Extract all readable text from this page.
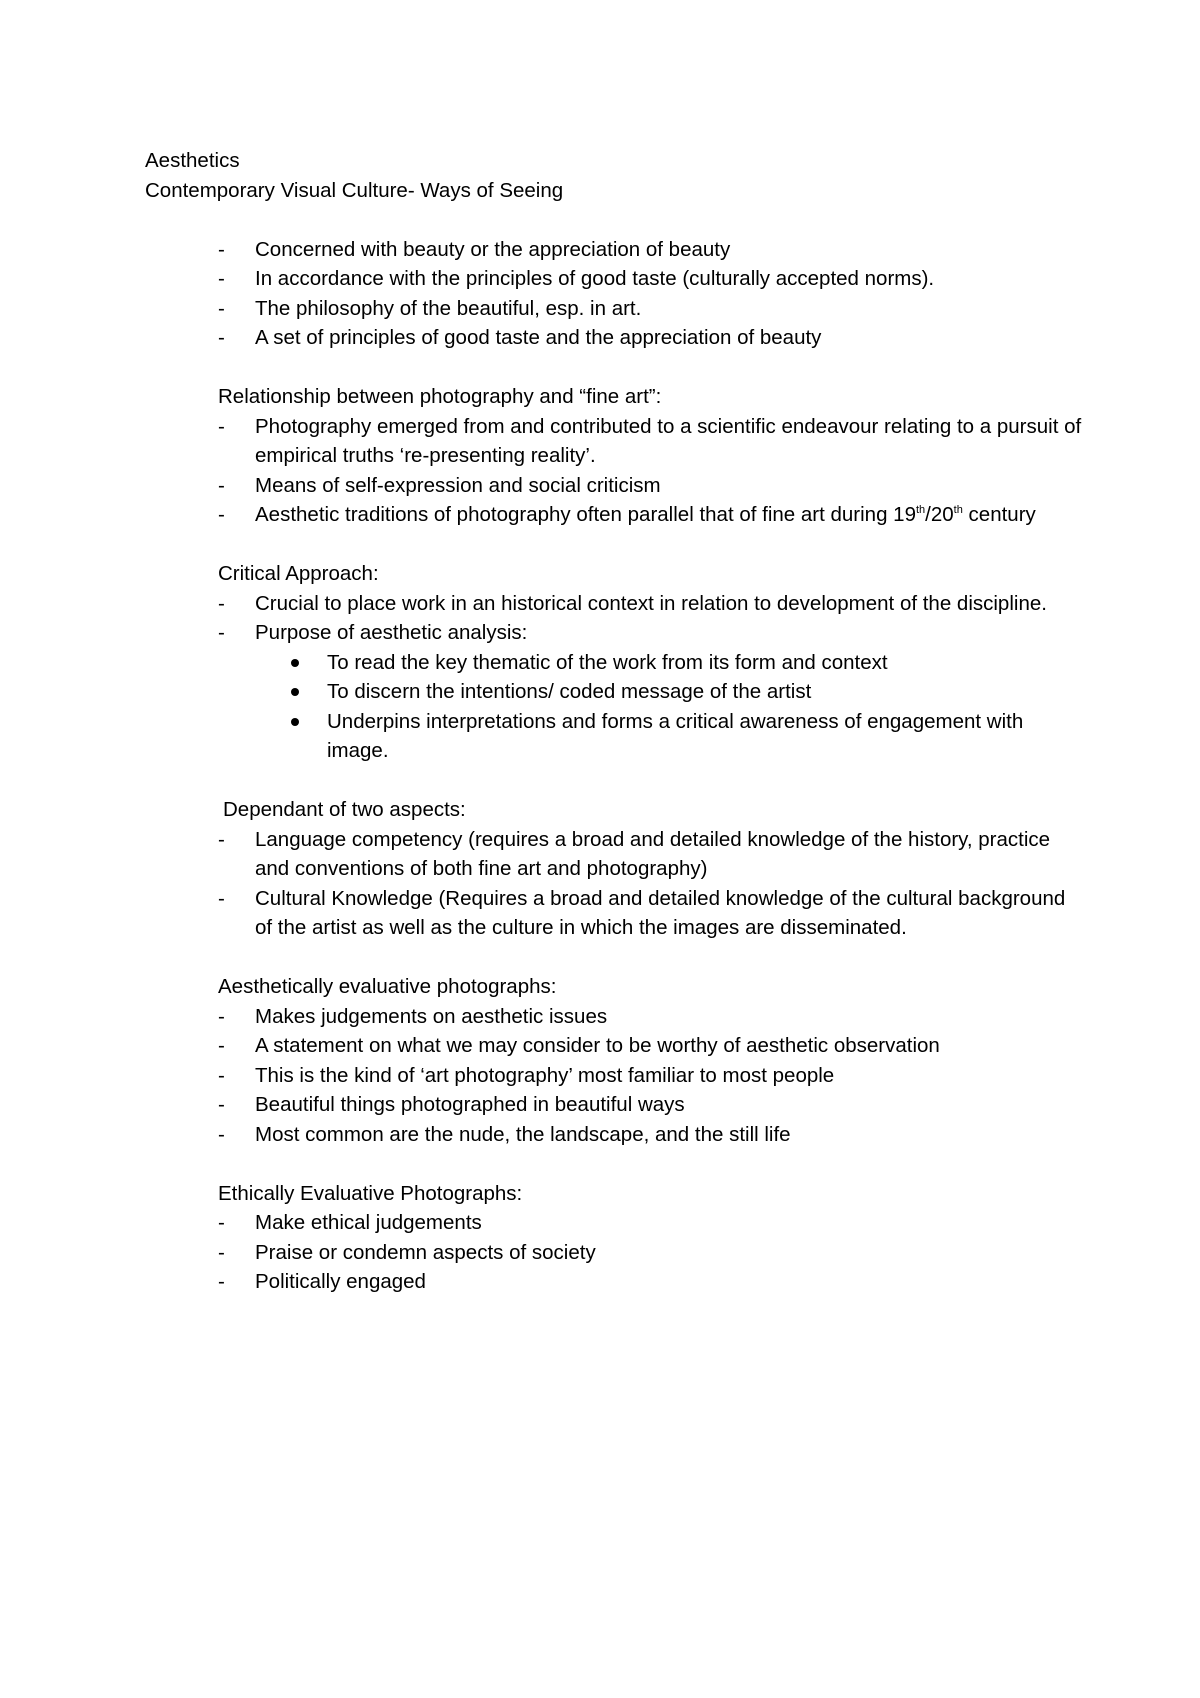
Aesthetics

Contemporary Visual Culture- Ways of Seeing

-	Concerned with beauty or the appreciation of beauty
-	In accordance with the principles of good taste (culturally accepted norms).
-	The philosophy of the beautiful, esp. in art.
-	A set of principles of good taste and the appreciation of beauty

Relationship between photography and “fine art”:

-	Photography emerged from and contributed to a scientific endeavour relating to a pursuit of empirical truths ‘re-presenting reality’.
-	Means of self-expression and social criticism
-	Aesthetic traditions of photography often parallel that of fine art during 19th/20th century

Critical Approach:

-	Crucial to place work in an historical context in relation to development of the discipline.
-	Purpose of aesthetic analysis:
To read the key thematic of the work from its form and context
To discern the intentions/ coded message of the artist
Underpins interpretations and forms a critical awareness of engagement with image.

Dependant of two aspects:

-	Language competency (requires a broad and detailed knowledge of the history, practice and conventions of both fine art and photography)
-	Cultural Knowledge (Requires a broad and detailed knowledge of the cultural background of the artist as well as the culture in which the images are disseminated.

Aesthetically evaluative photographs:

-	Makes judgements on aesthetic issues
-	A statement on what we may consider to be worthy of aesthetic observation
-	This is the kind of ‘art photography’ most familiar to most people
-	Beautiful things photographed in beautiful ways
-	Most common are the nude, the landscape, and the still life

Ethically Evaluative Photographs:

-	Make ethical judgements
-	Praise or condemn aspects of society
-	Politically engaged
